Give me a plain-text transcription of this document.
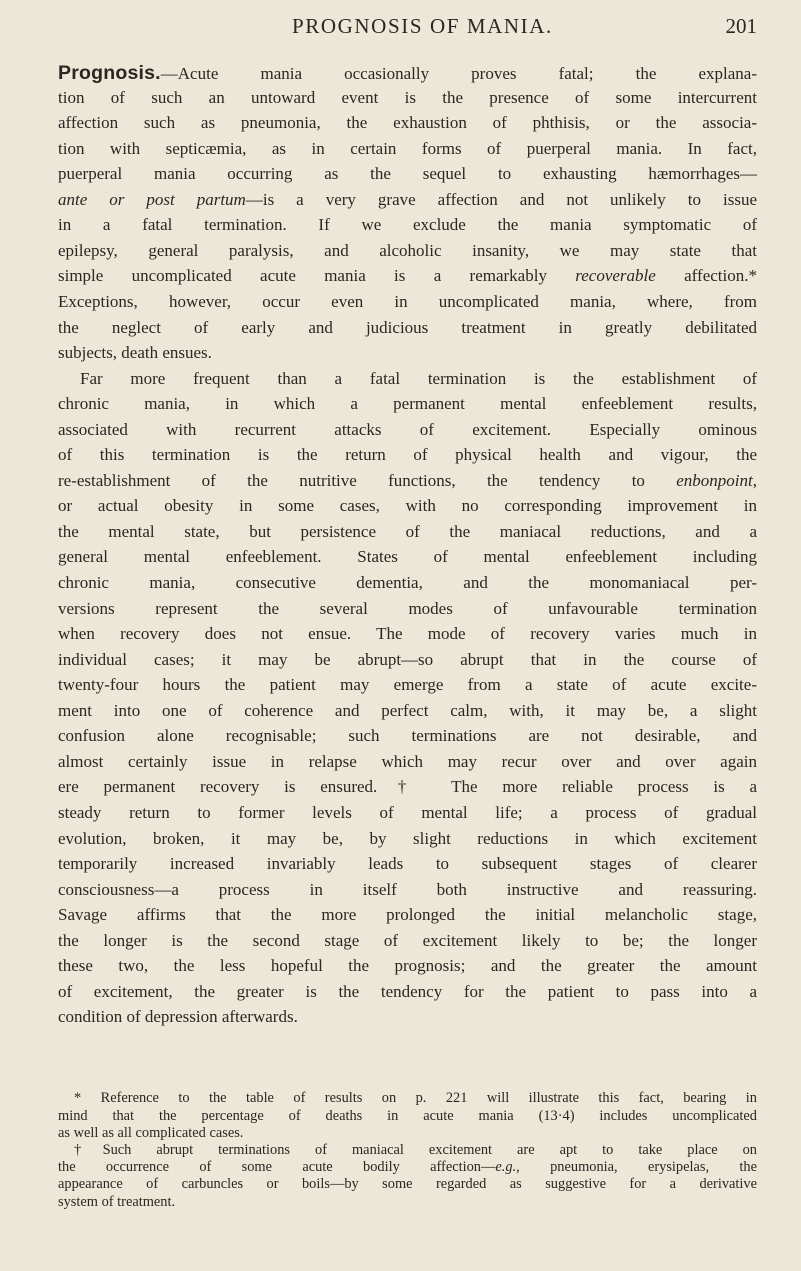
PROGNOSIS OF MANIA.	201
Prognosis.—Acute mania occasionally proves fatal; the explana-
tion of such an untoward event is the presence of some intercurrent
affection such as pneumonia, the exhaustion of phthisis, or the associa-
tion with septicæmia, as in certain forms of puerperal mania. In fact,
puerperal mania occurring as the sequel to exhausting hæmorrhages—
ante or post partum—is a very grave affection and not unlikely to issue
in a fatal termination. If we exclude the mania symptomatic of
epilepsy, general paralysis, and alcoholic insanity, we may state that
simple uncomplicated acute mania is a remarkably recoverable affection.*
Exceptions, however, occur even in uncomplicated mania, where, from
the neglect of early and judicious treatment in greatly debilitated
subjects, death ensues.
Far more frequent than a fatal termination is the establishment of
chronic mania, in which a permanent mental enfeeblement results,
associated with recurrent attacks of excitement. Especially ominous
of this termination is the return of physical health and vigour, the
re-establishment of the nutritive functions, the tendency to enbonpoint,
or actual obesity in some cases, with no corresponding improvement in
the mental state, but persistence of the maniacal reductions, and a
general mental enfeeblement. States of mental enfeeblement including
chronic mania, consecutive dementia, and the monomaniacal per-
versions represent the several modes of unfavourable termination
when recovery does not ensue. The mode of recovery varies much in
individual cases; it may be abrupt—so abrupt that in the course of
twenty-four hours the patient may emerge from a state of acute excite-
ment into one of coherence and perfect calm, with, it may be, a slight
confusion alone recognisable; such terminations are not desirable, and
almost certainly issue in relapse which may recur over and over again
ere permanent recovery is ensured.† The more reliable process is a
steady return to former levels of mental life; a process of gradual
evolution, broken, it may be, by slight reductions in which excitement
temporarily increased invariably leads to subsequent stages of clearer
consciousness—a process in itself both instructive and reassuring.
Savage affirms that the more prolonged the initial melancholic stage,
the longer is the second stage of excitement likely to be; the longer
these two, the less hopeful the prognosis; and the greater the amount
of excitement, the greater is the tendency for the patient to pass into a
condition of depression afterwards.
* Reference to the table of results on p. 221 will illustrate this fact, bearing in
mind that the percentage of deaths in acute mania (13·4) includes uncomplicated
as well as all complicated cases.
†Such abrupt terminations of maniacal excitement are apt to take place on
the occurrence of some acute bodily affection—e.g., pneumonia, erysipelas, the
appearance of carbuncles or boils—by some regarded as suggestive for a derivative
system of treatment.
